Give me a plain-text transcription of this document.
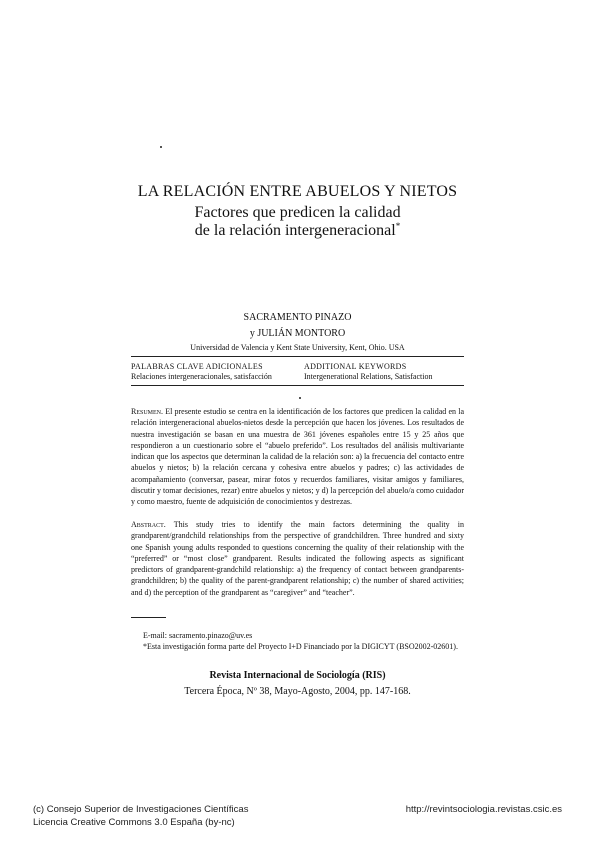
LA RELACIÓN ENTRE ABUELOS Y NIETOS
Factores que predicen la calidad
de la relación intergeneracional*
SACRAMENTO PINAZO
y JULIÁN MONTORO
Universidad de Valencia y Kent State University, Kent, Ohio. USA
PALABRAS CLAVE ADICIONALES
Relaciones intergeneracionales, satisfacción
ADDITIONAL KEYWORDS
Intergenerational Relations, Satisfaction

Resumen. El presente estudio se centra en la identificación de los factores que predicen la calidad en la relación intergeneracional abuelos-nietos desde la percepción que hacen los jóvenes. Los resultados de nuestra investigación se basan en una muestra de 361 jóvenes españoles entre 15 y 25 años que respondieron a un cuestionario sobre el “abuelo preferido”. Los resultados del análisis multivariante indican que los aspectos que determinan la calidad de la relación son: a) la frecuencia del contacto entre abuelos y nietos; b) la relación cercana y cohesiva entre abuelos y padres; c) las actividades de acompañamiento (conversar, pasear, mirar fotos y recuerdos familiares, visitar amigos y familiares, discutir y tomar decisiones, rezar) entre abuelos y nietos; y d) la percepción del abuelo/a como cuidador y como maestro, fuente de adquisición de conocimientos y destrezas.

Abstract. This study tries to identify the main factors determining the quality in grandparent/grandchild relationships from the perspective of grandchildren. Three hundred and sixty one Spanish young adults responded to questions concerning the quality of their relationship with the “preferred” or “most close” grandparent. Results indicated the following aspects as significant predictors of grandparent-grandchild relationship: a) the frequency of contact between grandparents-grandchildren; b) the quality of the parent-grandparent relationship; c) the number of shared activities; and d) the perception of the grandparent as “caregiver” and “teacher”.

E-mail: sacramento.pinazo@uv.es
*Esta investigación forma parte del Proyecto I+D Financiado por la DIGICYT (BSO2002-02601).
Revista Internacional de Sociología (RIS)
Tercera Época, Nº 38, Mayo-Agosto, 2004, pp. 147-168.
(c) Consejo Superior de Investigaciones Científicas
Licencia Creative Commons 3.0 España (by-nc)
http://revintsociologia.revistas.csic.es
